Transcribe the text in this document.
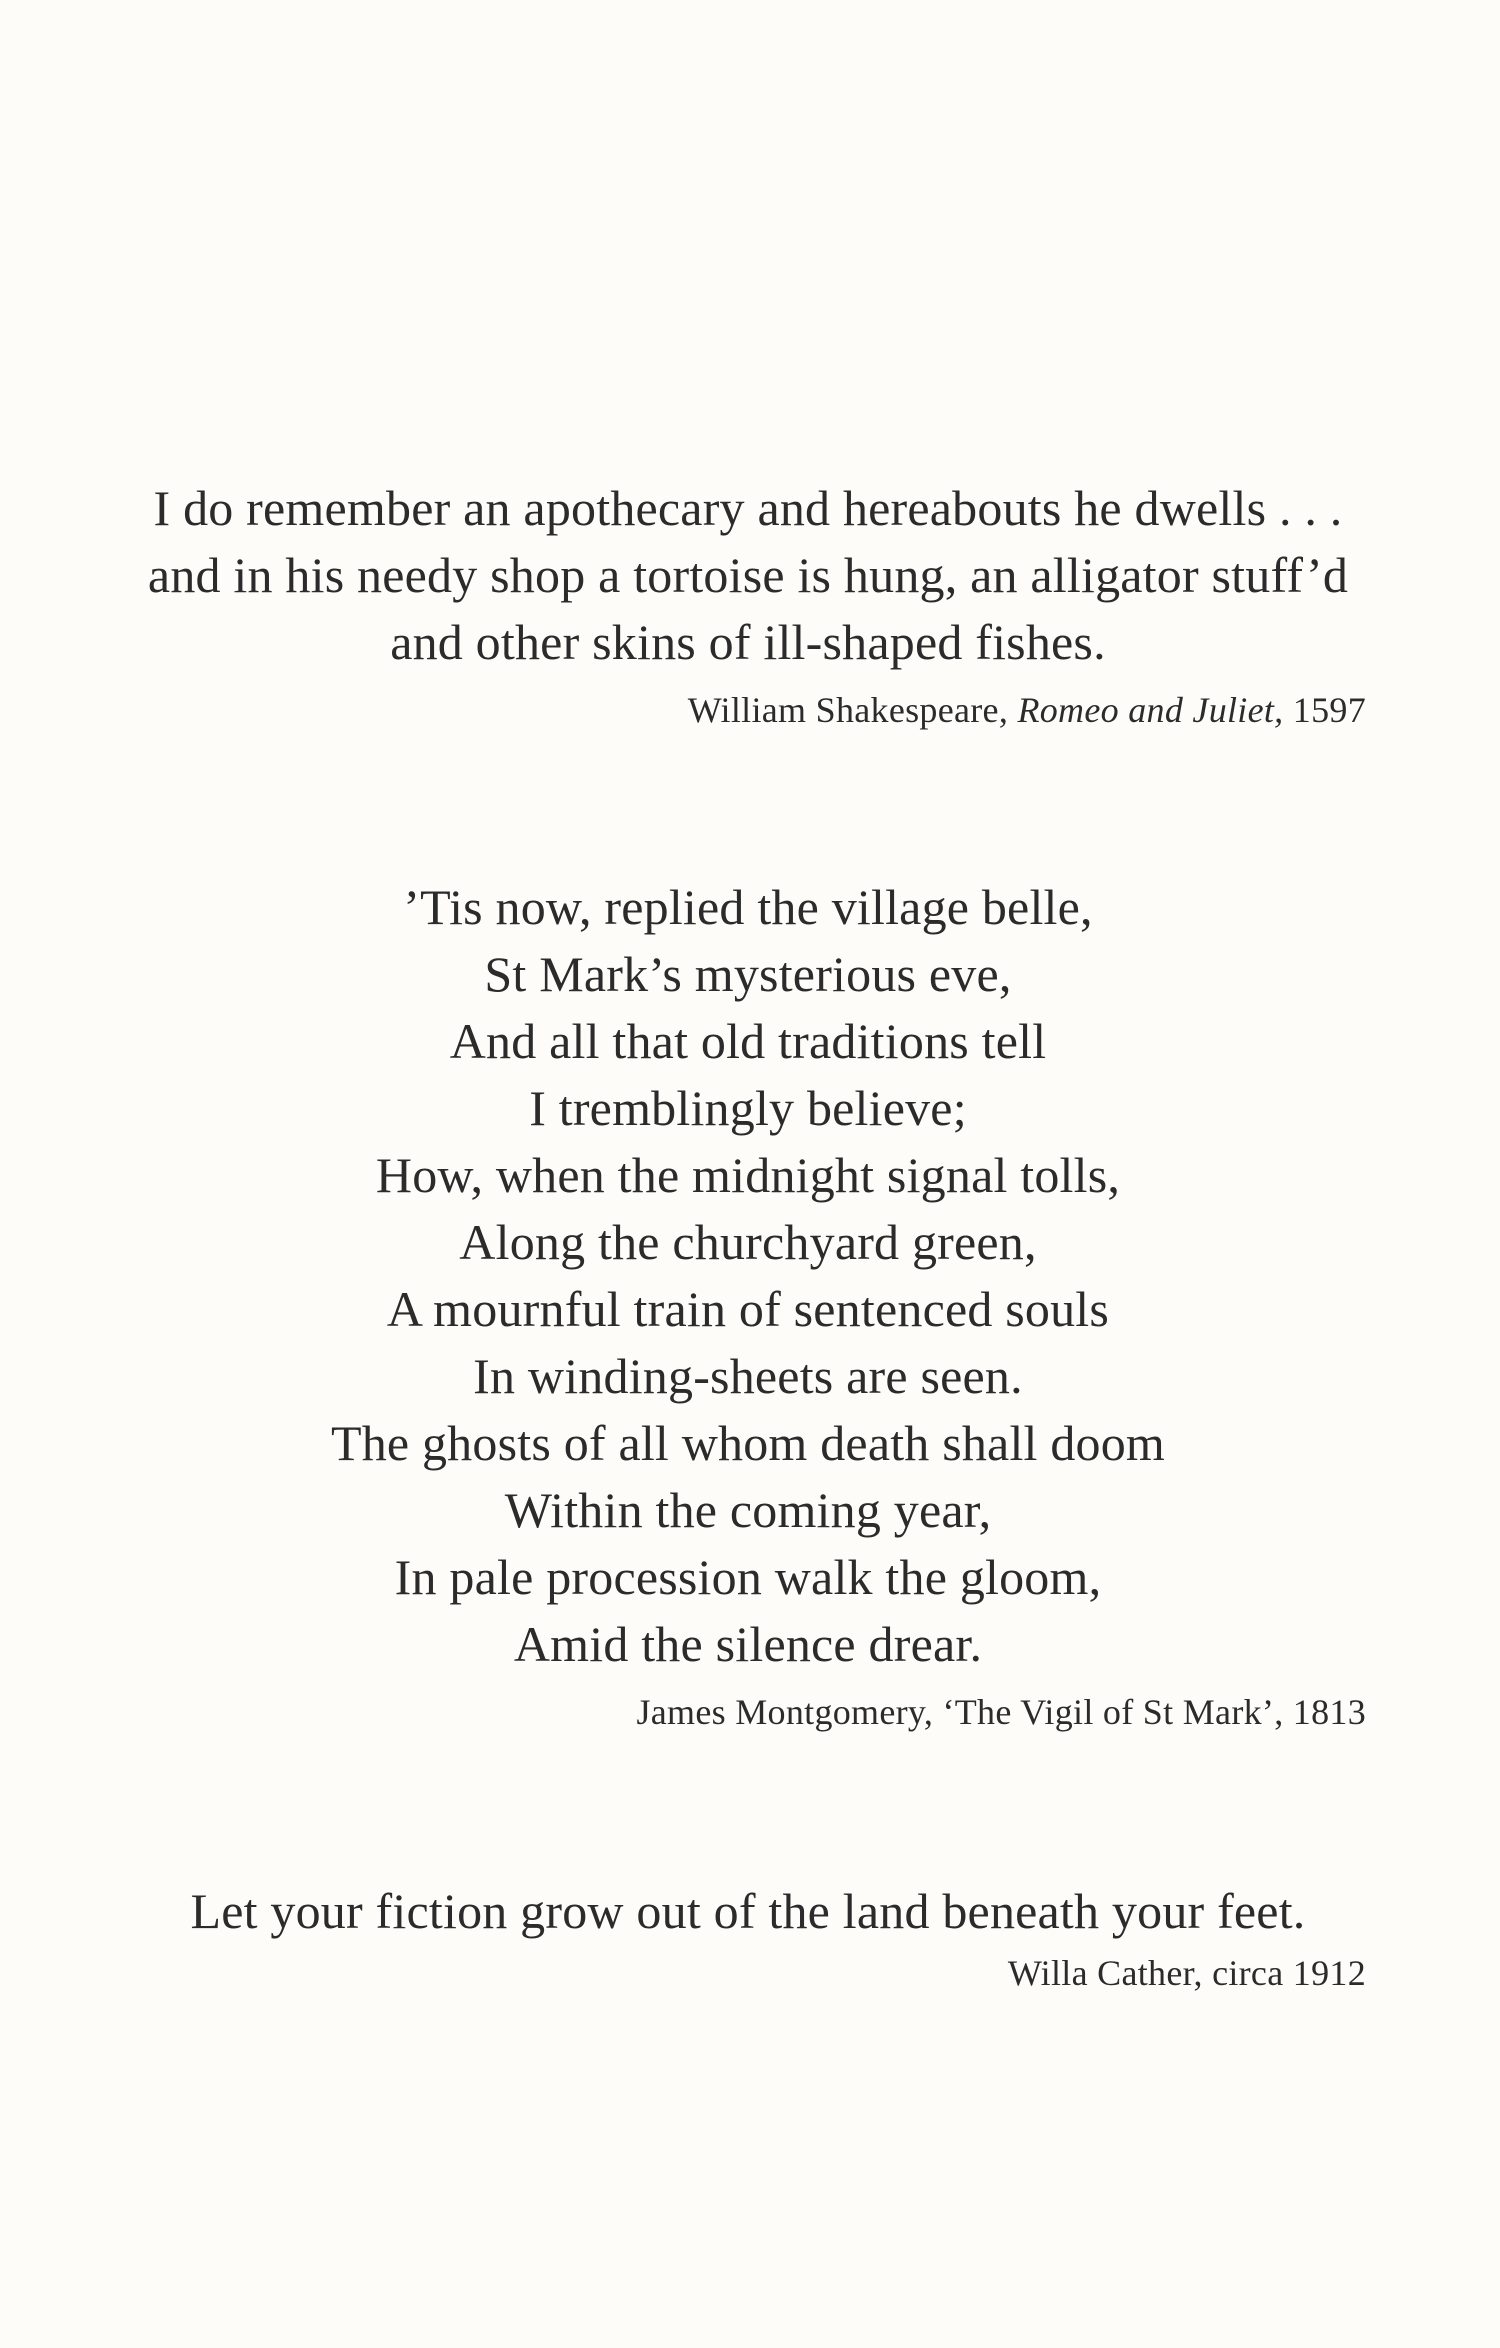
I do remember an apothecary and hereabouts he dwells . . .
and in his needy shop a tortoise is hung, an alligator stuff’d
and other skins of ill-shaped fishes.

William Shakespeare, Romeo and Juliet, 1597

’Tis now, replied the village belle,
St Mark’s mysterious eve,
And all that old traditions tell
I tremblingly believe;
How, when the midnight signal tolls,
Along the churchyard green,
A mournful train of sentenced souls
In winding-sheets are seen.
The ghosts of all whom death shall doom
Within the coming year,
In pale procession walk the gloom,
Amid the silence drear.

James Montgomery, ‘The Vigil of St Mark’, 1813

Let your fiction grow out of the land beneath your feet.

Willa Cather, circa 1912
